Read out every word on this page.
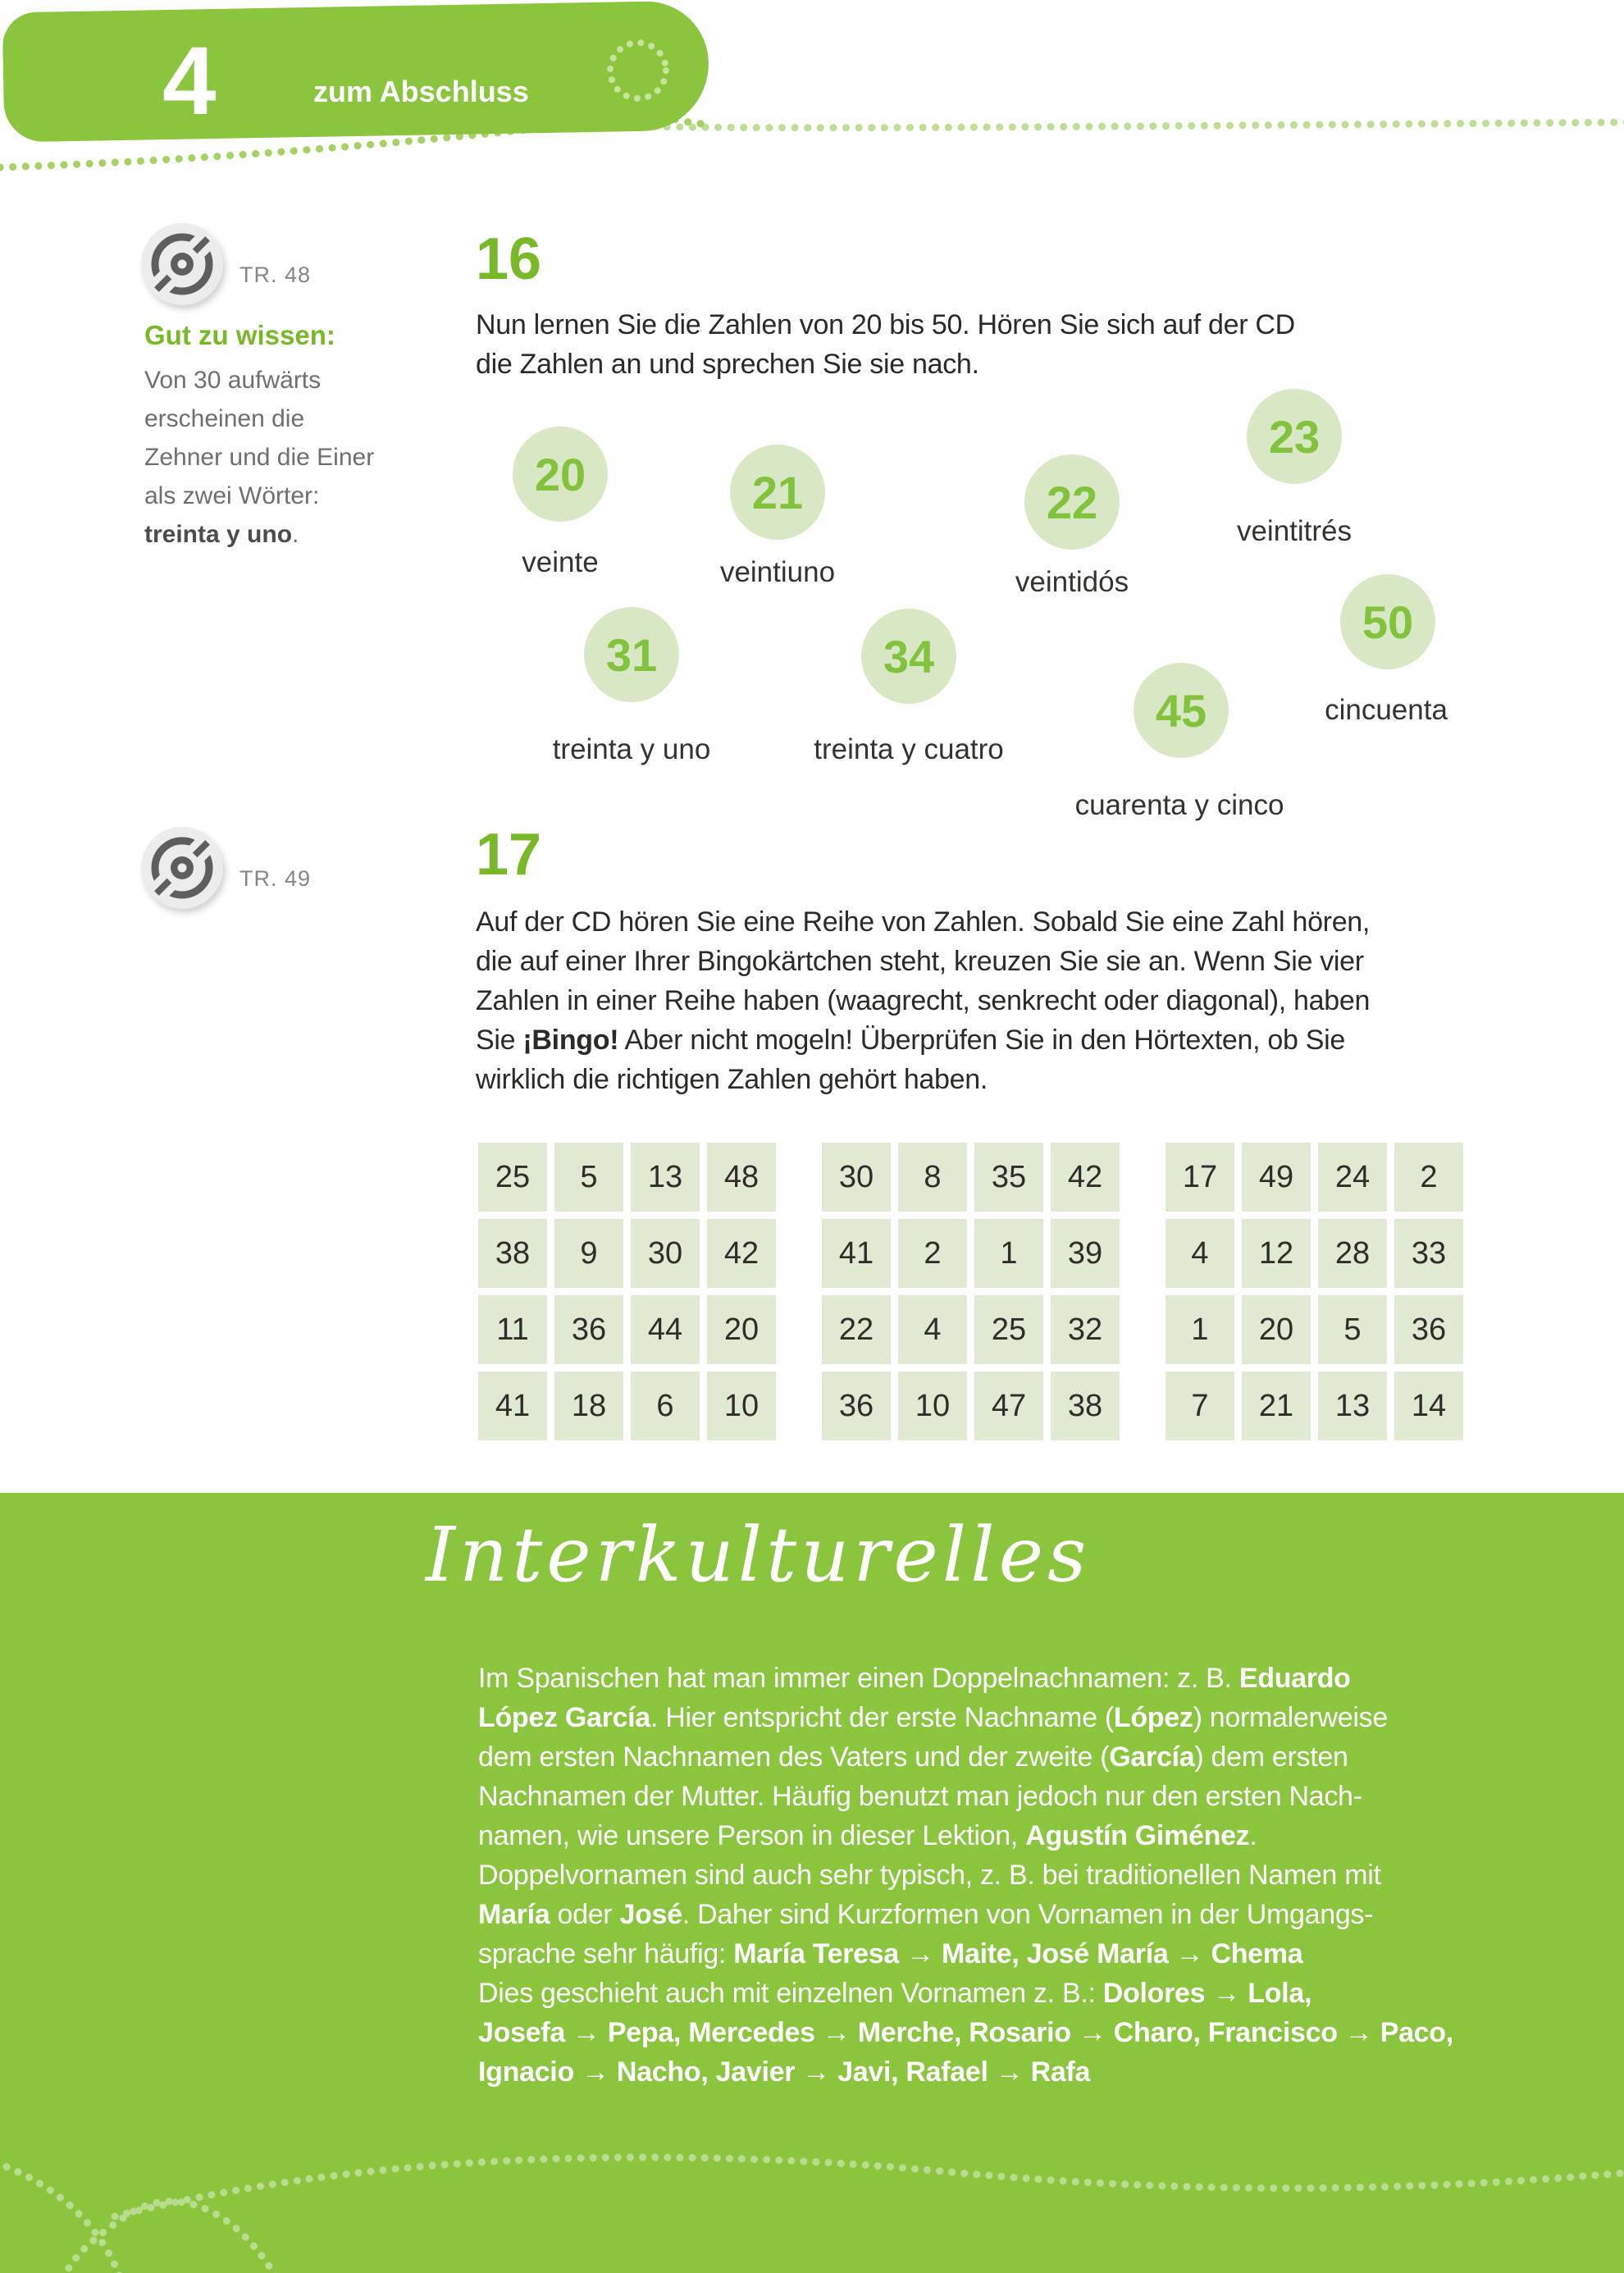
4	zum Abschluss
TR. 48
TR. 49
Gut zu wissen:
Von 30 aufwärts
erscheinen die
Zehner und die Einer
als zwei Wörter:
treinta y uno.
16
Nun lernen Sie die Zahlen von 20 bis 50. Hören Sie sich auf der CD
die Zahlen an und sprechen Sie sie nach.
20
veinte
21
veintiuno
22
veintidós
23
veintitrés
50
cincuenta
31
treinta y uno
34
treinta y cuatro
45
cuarenta y cinco
17
Auf der CD hören Sie eine Reihe von Zahlen. Sobald Sie eine Zahl hören,
die auf einer Ihrer Bingokärtchen steht, kreuzen Sie sie an. Wenn Sie vier
Zahlen in einer Reihe haben (waagrecht, senkrecht oder diagonal), haben
Sie ¡Bingo! Aber nicht mogeln! Überprüfen Sie in den Hörtexten, ob Sie
wirklich die richtigen Zahlen gehört haben.
25	5	13	48
38	9	30	42
11	36	44	20
41	18	6	10
30	8	35	42
41	2	1	39
22	4	25	32
36	10	47	38
17	49	24	2
4	12	28	33
1	20	5	36
7	21	13	14
Interkulturelles
Im Spanischen hat man immer einen Doppelnachnamen: z. B. Eduardo
López García. Hier entspricht der erste Nachname (López) normalerweise
dem ersten Nachnamen des Vaters und der zweite (García) dem ersten
Nachnamen der Mutter. Häufig benutzt man jedoch nur den ersten Nach-
namen, wie unsere Person in dieser Lektion, Agustín Giménez.
Doppelvornamen sind auch sehr typisch, z. B. bei traditionellen Namen mit
María oder José. Daher sind Kurzformen von Vornamen in der Umgangs-
sprache sehr häufig: María Teresa → Maite, José María → Chema
Dies geschieht auch mit einzelnen Vornamen z. B.: Dolores → Lola,
Josefa → Pepa, Mercedes → Merche, Rosario → Charo, Francisco → Paco,
Ignacio → Nacho, Javier → Javi, Rafael → Rafa
